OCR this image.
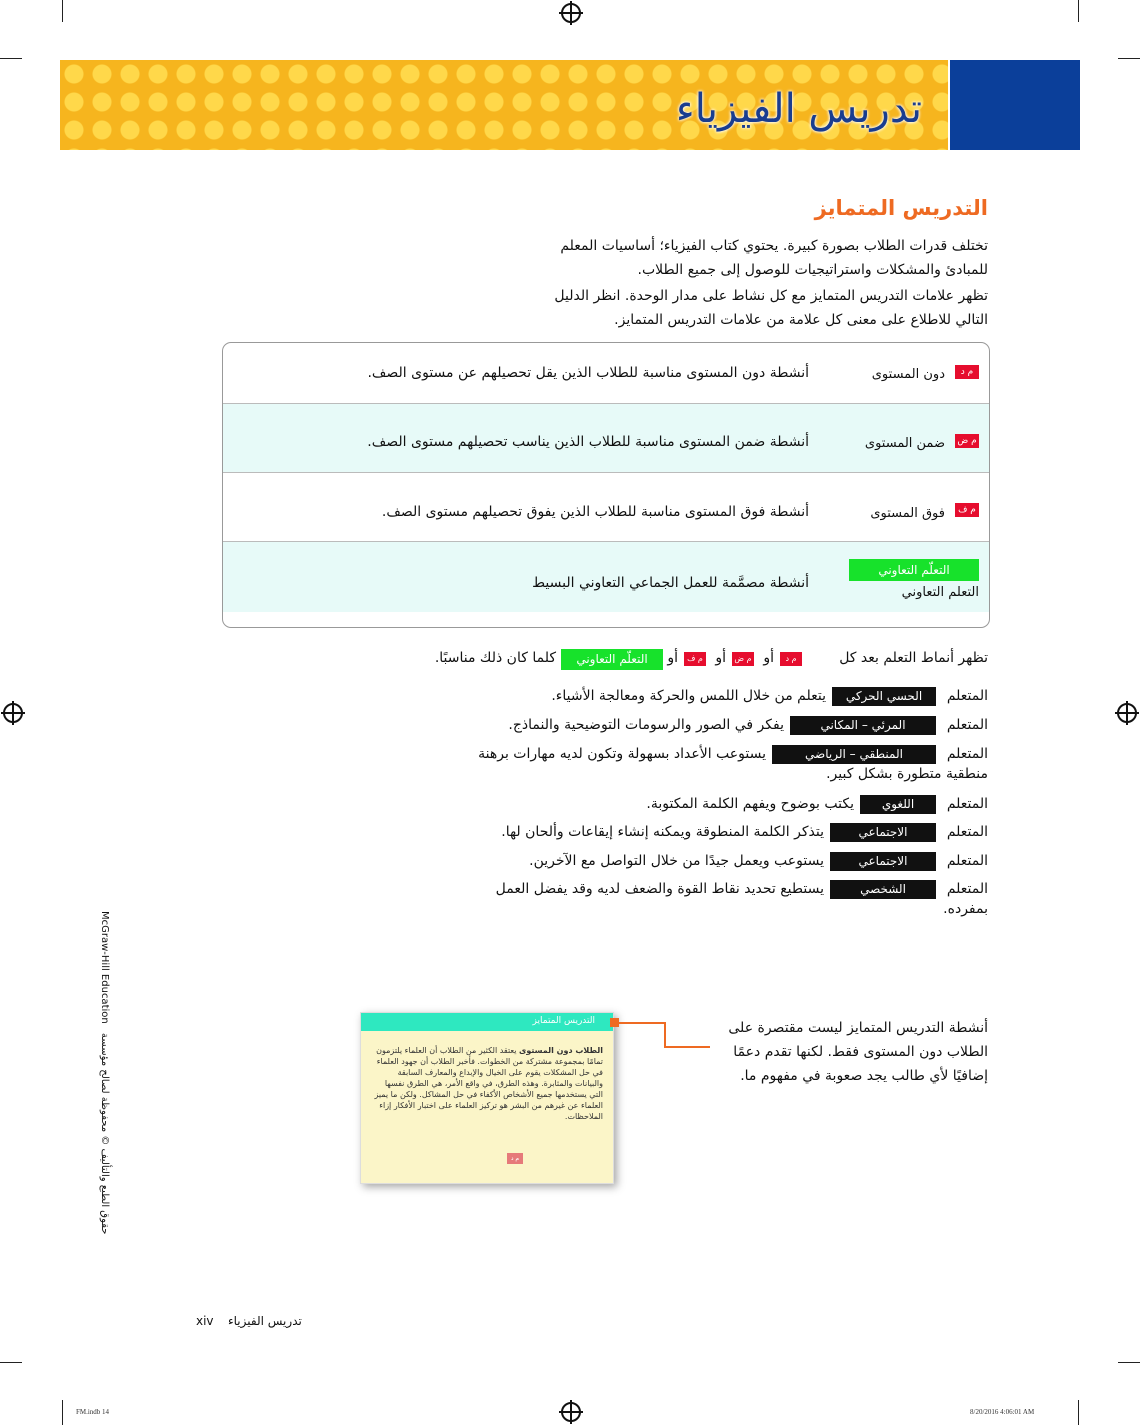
تدريس الفيزياء
التدريس المتمايز
تختلف قدرات الطلاب بصورة كبيرة. يحتوي كتاب الفيزياء؛ أساسيات المعلم
للمبادئ والمشكلات واستراتيجيات للوصول إلى جميع الطلاب.
تظهر علامات التدريس المتمايز مع كل نشاط على مدار الوحدة. انظر الدليل
التالي للاطلاع على معنى كل علامة من علامات التدريس المتمايز.
م د
دون المستوى
أنشطة دون المستوى مناسبة للطلاب الذين يقل تحصيلهم عن مستوى الصف.
م ض
ضمن المستوى
أنشطة ضمن المستوى مناسبة للطلاب الذين يناسب تحصيلهم مستوى الصف.
م ف
فوق المستوى
أنشطة فوق المستوى مناسبة للطلاب الذين يفوق تحصيلهم مستوى الصف.
التعلّم التعاوني
التعلم التعاوني
أنشطة مصمَّمة للعمل الجماعي التعاوني البسيط
تظهر أنماط التعلم بعد كل
م د
أو
م ض
أو
م ف
أو
التعلّم التعاوني
كلما كان ذلك مناسبًا.
المتعلم
الحسي الحركي
يتعلم من خلال اللمس والحركة ومعالجة الأشياء.
المتعلم
المرئي – المكاني
يفكر في الصور والرسومات التوضيحية والنماذج.
المتعلم
المنطقي – الرياضي
يستوعب الأعداد بسهولة وتكون لديه مهارات برهنة
منطقية متطورة بشكل كبير.
المتعلم
اللغوي
يكتب بوضوح ويفهم الكلمة المكتوبة.
المتعلم
الاجتماعي
يتذكر الكلمة المنطوقة ويمكنه إنشاء إيقاعات وألحان لها.
المتعلم
الاجتماعي
يستوعب ويعمل جيدًا من خلال التواصل مع الآخرين.
المتعلم
الشخصي
يستطيع تحديد نقاط القوة والضعف لديه وقد يفضل العمل
بمفرده.
التدريس المتمايز
الطلاب دون المستوى يعتقد الكثير من الطلاب أن العلماء يلتزمون تمامًا بمجموعة مشتركة من الخطوات. فأخبر الطلاب أن جهود العلماء في حل المشكلات يقوم على الخيال والإبداع والمعارف السابقة والبيانات والمثابرة. وهذه الطرق، في واقع الأمر، هي الطرق نفسها التي يستخدمها جميع الأشخاص الأكفاء في حل المشاكل. ولكن ما يميز العلماء عن غيرهم من البشر هو تركيز العلماء على اختبار الأفكار إزاء الملاحظات.
م د
أنشطة التدريس المتمايز ليست مقتصرة على الطلاب دون المستوى فقط. لكنها تقدم دعمًا إضافيًا لأي طالب يجد صعوبة في مفهوم ما.
McGraw-Hill Education حقوق الطبع والتأليف © محفوظة لصالح مؤسسة
xiv تدريس الفيزياء
FM.indb 14	8/20/2016 4:06:01 AM
